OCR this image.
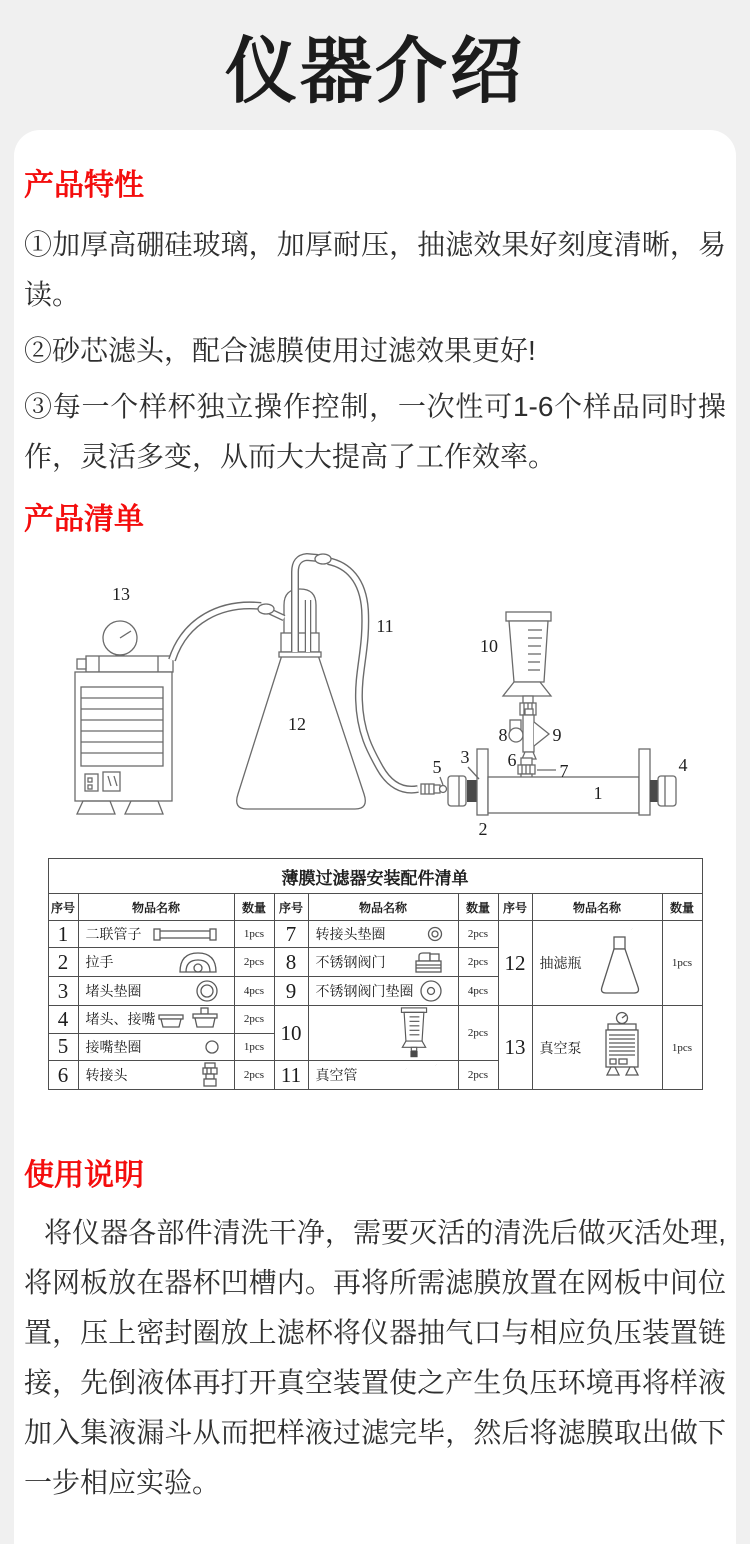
仪器介绍
产品特性

①加厚高硼硅玻璃，加厚耐压，抽滤效果好刻度清晰，易读。

②砂芯滤头，配合滤膜使用过滤效果更好!

③每一个样杯独立操作控制，一次性可1-6个样品同时操作，灵活多变，从而大大提高了工作效率。

产品清单
1
2
3	4
5	6
7
8	9
10
11
12
13
薄膜过滤器安装配件清单								
序号	物品名称	数量	序号	物品名称	数量	序号	物品名称	数量
1	二联管子	1pcs	7	转接头垫圈	2pcs	12	抽滤瓶	1pcs
2	拉手	2pcs	8	不锈钢阀门	2pcs			
3	堵头垫圈	4pcs	9	不锈钢阀门垫圈	4pcs			
4	堵头、接嘴	2pcs	10		2pcs	13	真空泵	1pcs
5	接嘴垫圈	1pcs						
6	转接头	2pcs	11	真空管	2pcs			
使用说明

将仪器各部件清洗干净，需要灭活的清洗后做灭活处理,将网板放在器杯凹槽内。再将所需滤膜放置在网板中间位置，压上密封圈放上滤杯将仪器抽气口与相应负压装置链接，先倒液体再打开真空装置使之产生负压环境再将样液加入集液漏斗从而把样液过滤完毕，然后将滤膜取出做下一步相应实验。
